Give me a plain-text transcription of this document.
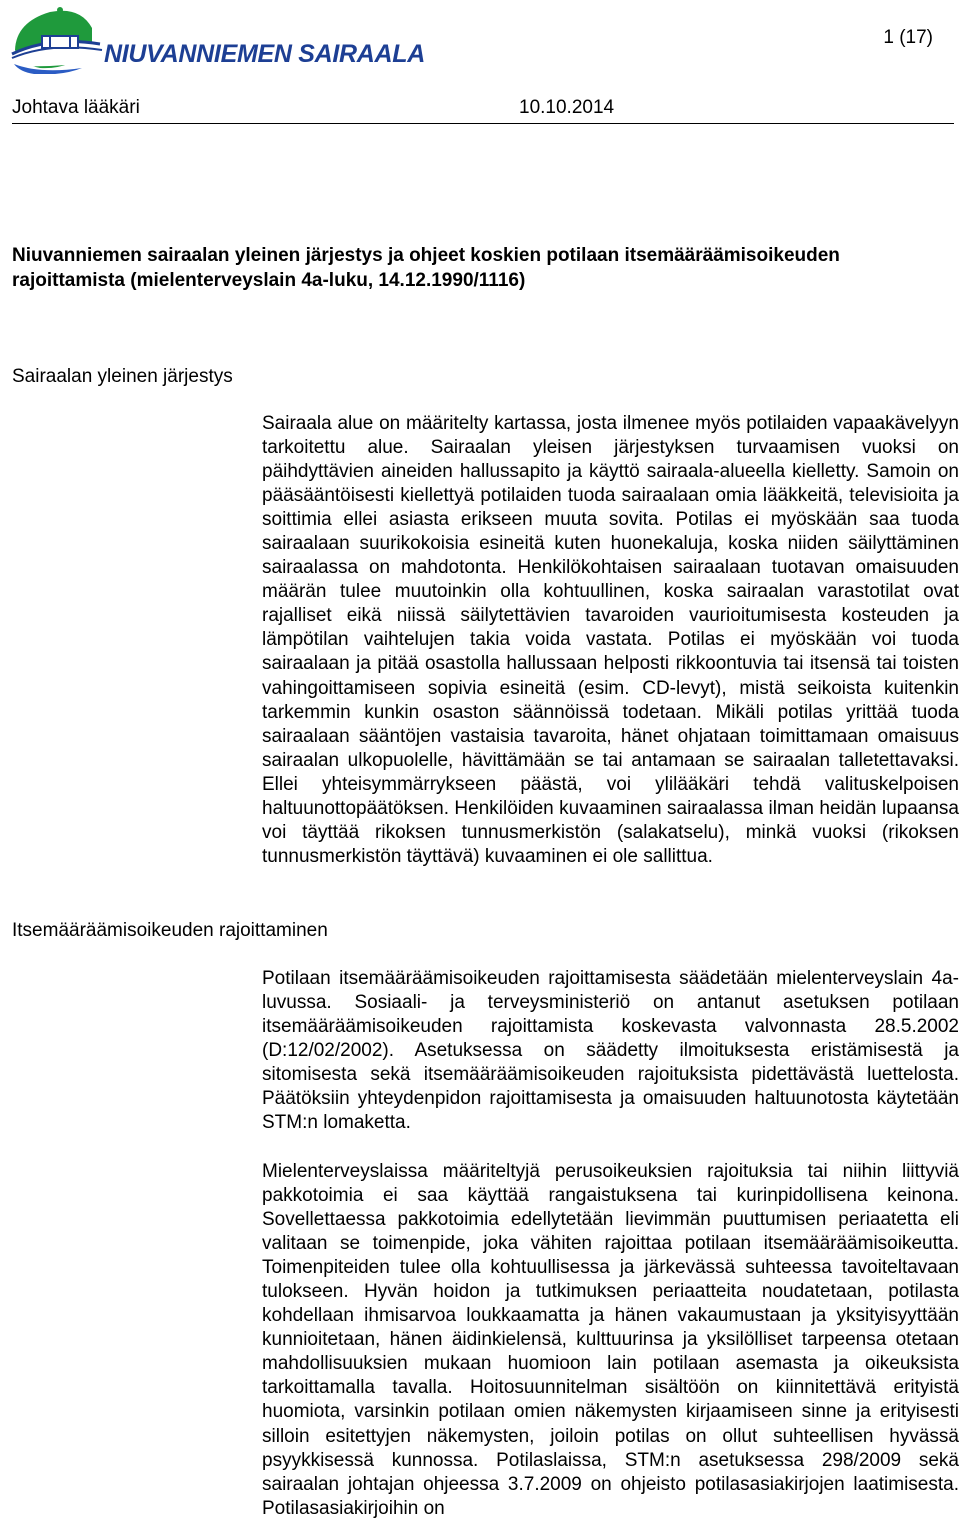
NIUVANNIEMEN SAIRAALA
1 (17)
Johtava lääkäri	10.10.2014
Niuvanniemen sairaalan yleinen järjestys ja ohjeet koskien potilaan itsemääräämisoikeuden rajoittamista (mielenterveyslain 4a-luku, 14.12.1990/1116)
Sairaalan yleinen järjestys

Sairaala alue on määritelty kartassa, josta ilmenee myös potilaiden vapaakävelyyn tarkoitettu alue. Sairaalan yleisen järjestyksen turvaamisen vuoksi on päihdyttävien aineiden hallussapito ja käyttö sairaala-alueella kielletty. Samoin on pääsääntöisesti kiellettyä potilaiden tuoda sairaalaan omia lääkkeitä, televisioita ja soittimia ellei asiasta erikseen muuta sovita. Potilas ei myöskään saa tuoda sairaalaan suurikokoisia esineitä kuten huonekaluja, koska niiden säilyttäminen sairaalassa on mahdotonta. Henkilökohtaisen sairaalaan tuotavan omaisuuden määrän tulee muutoinkin olla kohtuullinen, koska sairaalan varastotilat ovat rajalliset eikä niissä säilytettävien tavaroiden vaurioitumisesta kosteuden ja lämpötilan vaihtelujen takia voida vastata. Potilas ei myöskään voi tuoda sairaalaan ja pitää osastolla hallussaan helposti rikkoontuvia tai itsensä tai toisten vahingoittamiseen sopivia esineitä (esim. CD-levyt), mistä seikoista kuitenkin tarkemmin kunkin osaston säännöissä todetaan. Mikäli potilas yrittää tuoda sairaalaan sääntöjen vastaisia tavaroita, hänet ohjataan toimittamaan omaisuus sairaalan ulkopuolelle, hävittämään se tai antamaan se sairaalan talletettavaksi. Ellei yhteisymmärrykseen päästä, voi ylilääkäri tehdä valituskelpoisen haltuunottopäätöksen. Henkilöiden kuvaaminen sairaalassa ilman heidän lupaansa voi täyttää rikoksen tunnusmerkistön (salakatselu), minkä vuoksi (rikoksen tunnusmerkistön täyttävä) kuvaaminen ei ole sallittua.

Itsemääräämisoikeuden rajoittaminen

Potilaan itsemääräämisoikeuden rajoittamisesta säädetään mielenterveyslain 4a-luvussa. Sosiaali- ja terveysministeriö on antanut asetuksen potilaan itsemääräämisoikeuden rajoittamista koskevasta valvonnasta 28.5.2002 (D:12/02/2002). Asetuksessa on säädetty ilmoituksesta eristämisestä ja sitomisesta sekä itsemääräämisoikeuden rajoituksista pidettävästä luettelosta. Päätöksiin yhteydenpidon rajoittamisesta ja omaisuuden haltuunotosta käytetään STM:n lomaketta.

Mielenterveyslaissa määriteltyjä perusoikeuksien rajoituksia tai niihin liittyviä pakkotoimia ei saa käyttää rangaistuksena tai kurinpidollisena keinona. Sovellettaessa pakkotoimia edellytetään lievimmän puuttumisen periaatetta eli valitaan se toimenpide, joka vähiten rajoittaa potilaan itsemääräämisoikeutta. Toimenpiteiden tulee olla kohtuullisessa ja järkevässä suhteessa tavoiteltavaan tulokseen. Hyvän hoidon ja tutkimuksen periaatteita noudatetaan, potilasta kohdellaan ihmisarvoa loukkaamatta ja hänen vakaumustaan ja yksityisyyttään kunnioitetaan, hänen äidinkielensä, kulttuurinsa ja yksilölliset tarpeensa otetaan mahdollisuuksien mukaan huomioon lain potilaan asemasta ja oikeuksista tarkoittamalla tavalla. Hoitosuunnitelman sisältöön on kiinnitettävä erityistä huomiota, varsinkin potilaan omien näkemysten kirjaamiseen sinne ja erityisesti silloin esitettyjen näkemysten, joiloin potilas on ollut suhteellisen hyvässä psyykkisessä kunnossa. Potilaslaissa, STM:n asetuksessa 298/2009 sekä sairaalan johtajan ohjeessa 3.7.2009 on ohjeisto potilasasiakirjojen laatimisesta. Potilasasiakirjoihin on
